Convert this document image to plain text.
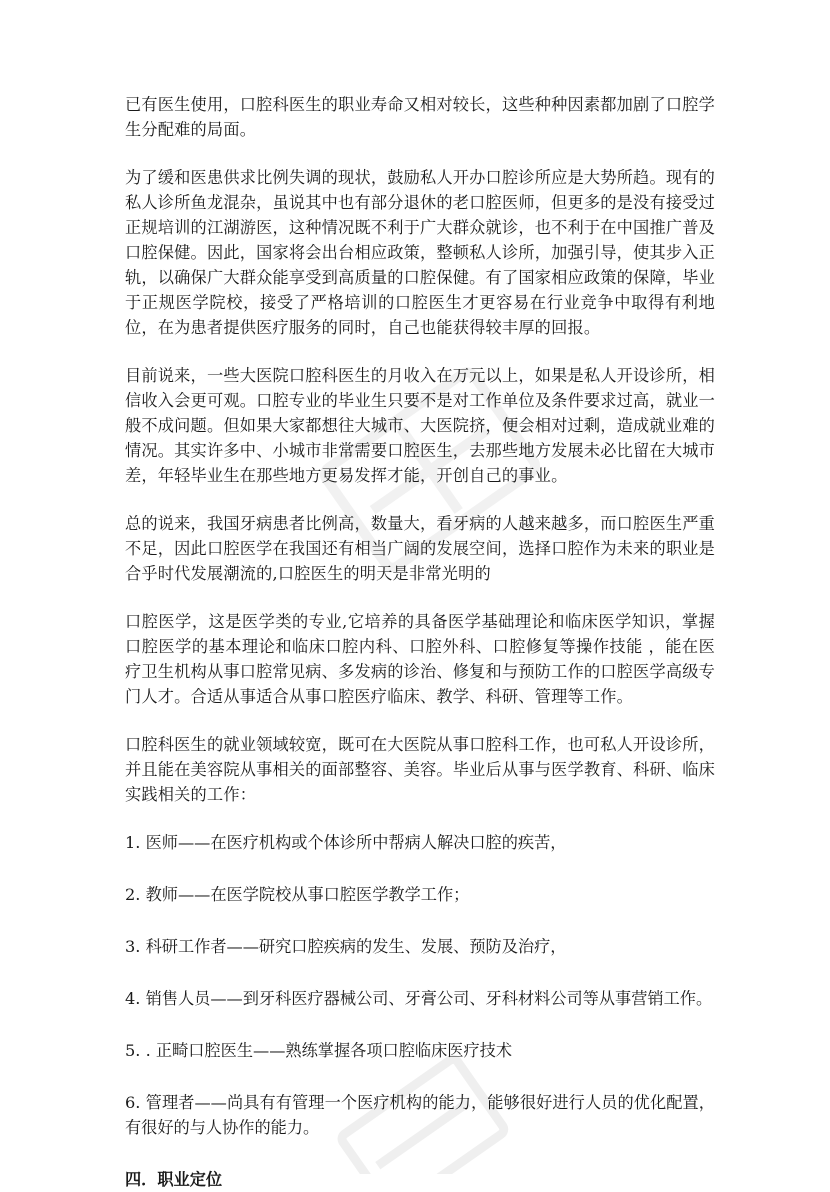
已有医生使用，口腔科医生的职业寿命又相对较长，这些种种因素都加剧了口腔学生分配难的局面。

为了缓和医患供求比例失调的现状，鼓励私人开办口腔诊所应是大势所趋。现有的私人诊所鱼龙混杂，虽说其中也有部分退休的老口腔医师，但更多的是没有接受过正规培训的江湖游医，这种情况既不利于广大群众就诊，也不利于在中国推广普及口腔保健。因此，国家将会出台相应政策，整顿私人诊所，加强引导，使其步入正轨，以确保广大群众能享受到高质量的口腔保健。有了国家相应政策的保障，毕业于正规医学院校，接受了严格培训的口腔医生才更容易在行业竞争中取得有利地位，在为患者提供医疗服务的同时，自己也能获得较丰厚的回报。

目前说来，一些大医院口腔科医生的月收入在万元以上，如果是私人开设诊所，相信收入会更可观。口腔专业的毕业生只要不是对工作单位及条件要求过高，就业一般不成问题。但如果大家都想往大城市、大医院挤，便会相对过剩，造成就业难的情况。其实许多中、小城市非常需要口腔医生，去那些地方发展未必比留在大城市差，年轻毕业生在那些地方更易发挥才能，开创自己的事业。

总的说来，我国牙病患者比例高，数量大，看牙病的人越来越多，而口腔医生严重不足，因此口腔医学在我国还有相当广阔的发展空间，选择口腔作为未来的职业是合乎时代发展潮流的,口腔医生的明天是非常光明的

口腔医学，这是医学类的专业,它培养的具备医学基础理论和临床医学知识，掌握口腔医学的基本理论和临床口腔内科、口腔外科、口腔修复等操作技能 ，能在医疗卫生机构从事口腔常见病、多发病的诊治、修复和与预防工作的口腔医学高级专门人才。合适从事适合从事口腔医疗临床、教学、科研、管理等工作。

口腔科医生的就业领域较宽，既可在大医院从事口腔科工作，也可私人开设诊所，并且能在美容院从事相关的面部整容、美容。毕业后从事与医学教育、科研、临床实践相关的工作：

1. 医师——在医疗机构或个体诊所中帮病人解决口腔的疾苦，

2. 教师——在医学院校从事口腔医学教学工作；

3. 科研工作者——研究口腔疾病的发生、发展、预防及治疗，

4. 销售人员——到牙科医疗器械公司、牙膏公司、牙科材料公司等从事营销工作。

5. . 正畸口腔医生——熟练掌握各项口腔临床医疗技术

6. 管理者——尚具有有管理一个医疗机构的能力，能够很好进行人员的优化配置，有很好的与人协作的能力。

四．职业定位
